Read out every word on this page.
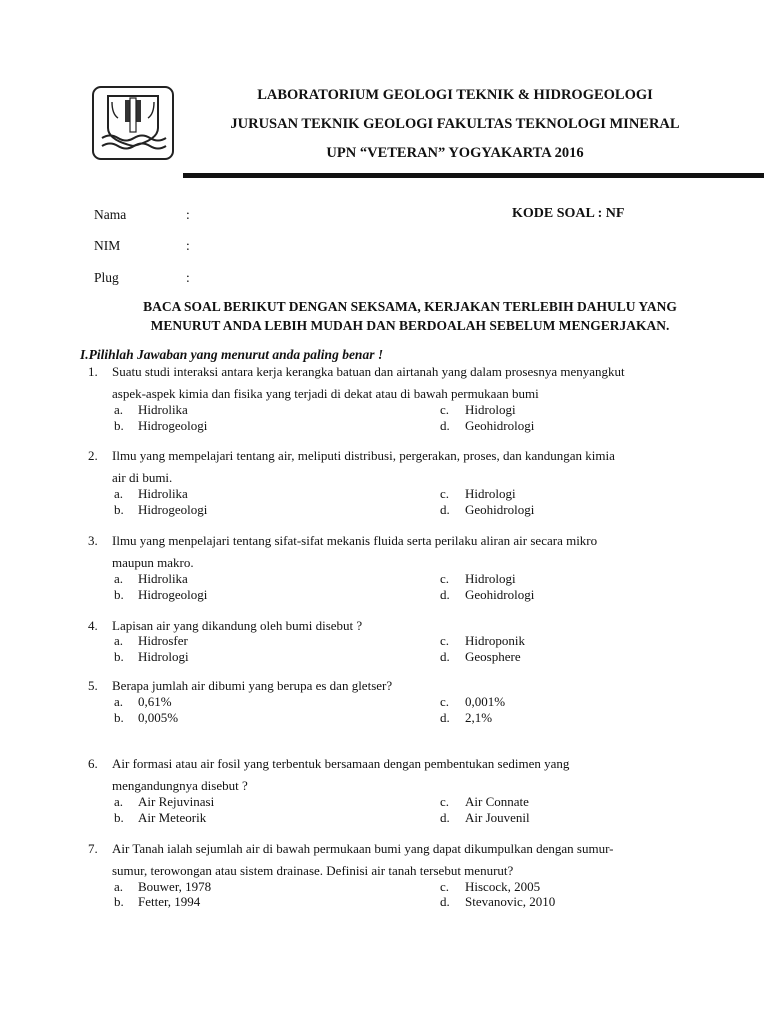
LABORATORIUM GEOLOGI TEKNIK & HIDROGEOLOGI
JURUSAN TEKNIK GEOLOGI FAKULTAS TEKNOLOGI MINERAL
UPN “VETERAN” YOGYAKARTA 2016
Nama	:
NIM	:
Plug	:
KODE SOAL : NF
BACA SOAL BERIKUT DENGAN SEKSAMA, KERJAKAN TERLEBIH DAHULU YANG
MENURUT ANDA LEBIH MUDAH DAN BERDOALAH SEBELUM MENGERJAKAN.
I.Pilihlah Jawaban yang menurut anda paling benar !
1. Suatu studi interaksi antara kerja kerangka batuan dan airtanah yang dalam prosesnya menyangkut
aspek-aspek kimia dan fisika yang terjadi di dekat atau di bawah permukaan bumi
a. Hidrolika
b. Hidrogeologi
c. Hidrologi
d. Geohidrologi
2. Ilmu yang mempelajari tentang air, meliputi distribusi, pergerakan, proses, dan kandungan kimia
air di bumi.
a. Hidrolika
b. Hidrogeologi
c. Hidrologi
d. Geohidrologi
3. Ilmu yang menpelajari tentang sifat-sifat mekanis fluida serta perilaku aliran air secara mikro
maupun makro.
a. Hidrolika
b. Hidrogeologi
c. Hidrologi
d. Geohidrologi
4. Lapisan air yang dikandung oleh bumi disebut ?
a. Hidrosfer
b. Hidrologi
c. Hidroponik
d. Geosphere
5. Berapa jumlah air dibumi yang berupa es dan gletser?
a. 0,61%
b. 0,005%
c. 0,001%
d. 2,1%
6. Air formasi atau air fosil yang terbentuk bersamaan dengan pembentukan sedimen yang
mengandungnya disebut ?
a. Air Rejuvinasi
b. Air Meteorik
c. Air Connate
d. Air Jouvenil
7. Air Tanah ialah sejumlah air di bawah permukaan bumi yang dapat dikumpulkan dengan sumur-
sumur, terowongan atau sistem drainase. Definisi air tanah tersebut menurut?
a. Bouwer, 1978
b. Fetter, 1994
c. Hiscock, 2005
d. Stevanovic, 2010
